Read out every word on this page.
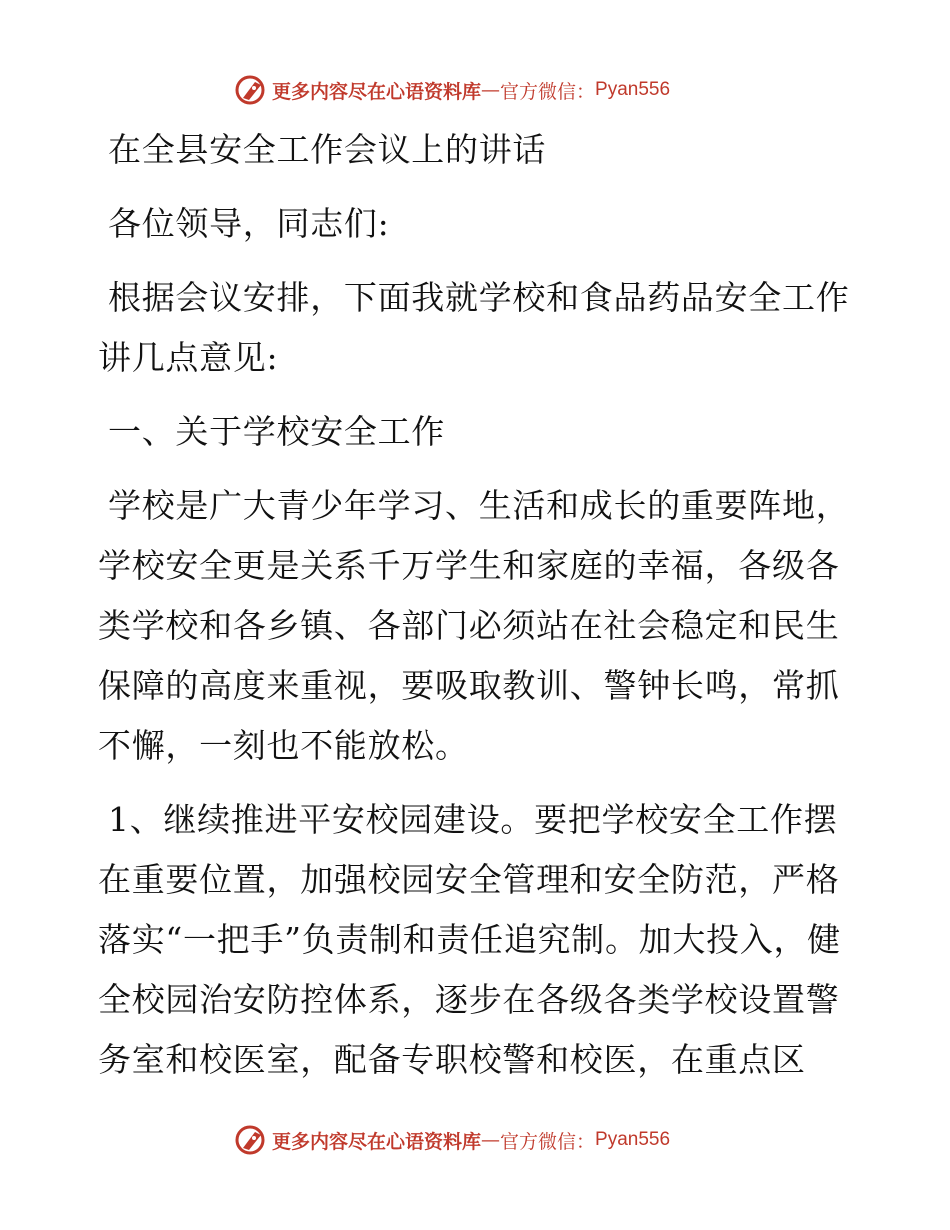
更多内容尽在心语资料库 — 官方微信： Pyan556

在全县安全工作会议上的讲话

各位领导，同志们:

根据会议安排，下面我就学校和食品药品安全工作讲几点意见:

一、关于学校安全工作

学校是广大青少年学习、生活和成长的重要阵地，学校安全更是关系千万学生和家庭的幸福，各级各类学校和各乡镇、各部门必须站在社会稳定和民生保障的高度来重视，要吸取教训、警钟长鸣，常抓不懈，一刻也不能放松。

1、继续推进平安校园建设。要把学校安全工作摆在重要位置，加强校园安全管理和安全防范，严格落实“一把手”负责制和责任追究制。加大投入，健全校园治安防控体系，逐步在各级各类学校设置警务室和校医室，配备专职校警和校医，在重点区

更多内容尽在心语资料库 — 官方微信： Pyan556
